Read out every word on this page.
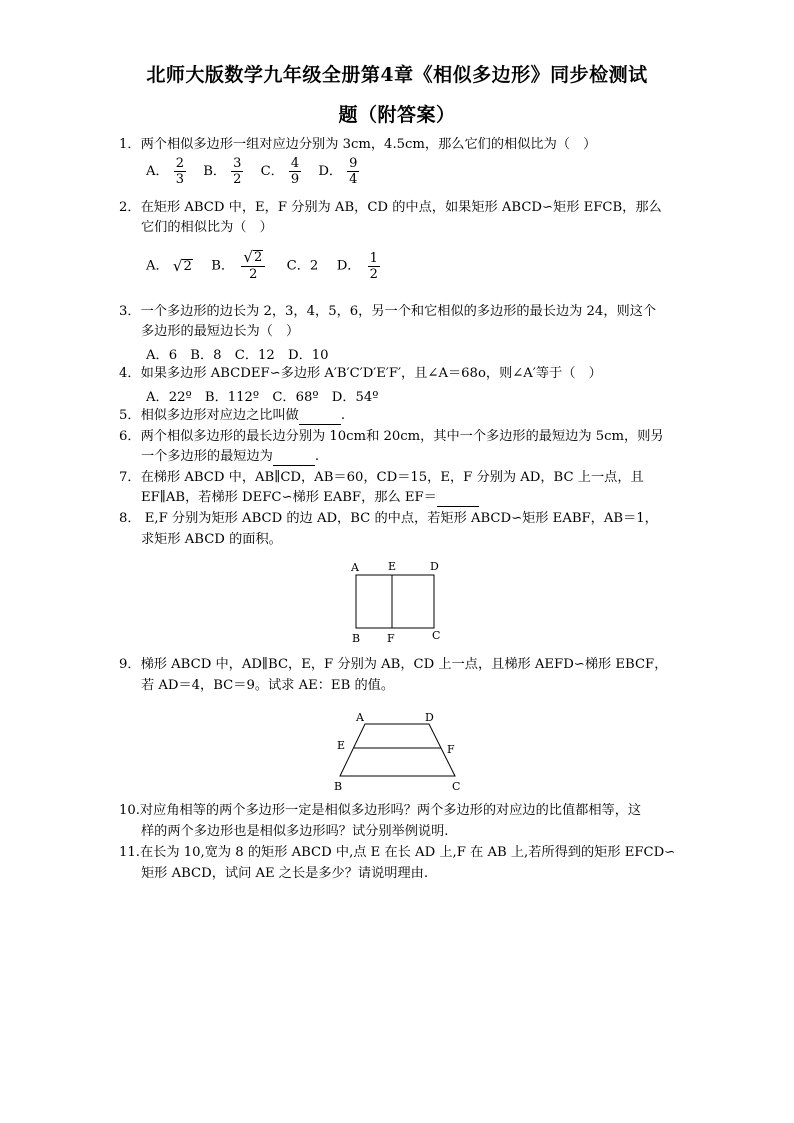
北师大版数学九年级全册第4章《相似多边形》同步检测试
题（附答案）
1．两个相似多边形一组对应边分别为 3cm，4.5cm，那么它们的相似比为（　）
A． $\frac{2}{3}$ B． $\frac{3}{2}$ C． $\frac{4}{9}$ D． $\frac{9}{4}$
2．在矩形 ABCD 中，E，F 分别为 AB，CD 的中点，如果矩形 ABCD∽矩形 EFCB，那么
它们的相似比为（　）
A． √ 2 B． $\frac{√ 2}{2}$ C．2 D． $\frac{1}{2}$
3．一个多边形的边长为 2，3，4，5，6，另一个和它相似的多边形的最长边为 24，则这个
多边形的最短边长为（　）
A．6　B．8　C．12　D．10
4．如果多边形 ABCDEF∽多边形 A′B′C′D′E′F′，且∠A＝68o，则∠A′等于（　）
A．22º　B．112º　C．68º　D．54º
5．相似多边形对应边之比叫做	.
6．两个相似多边形的最长边分别为 10cm和 20cm，其中一个多边形的最短边为 5cm，则另
一个多边形的最短边为	.
7．在梯形 ABCD 中，AB∥CD，AB＝60，CD＝15，E，F 分别为 AD，BC 上一点，且
EF∥AB，若梯形 DEFC∽梯形 EABF，那么 EF＝
8． E,F 分别为矩形 ABCD 的边 AD，BC 的中点，若矩形 ABCD∽矩形 EABF，AB＝1，
求矩形 ABCD 的面积。
A	E	D
B F	C
9．梯形 ABCD 中，AD∥BC，E，F 分别为 AB，CD 上一点，且梯形 AEFD∽梯形 EBCF，
若 AD＝4，BC＝9。试求 AE：EB 的值。
A	D
E	F
B	C
10.对应角相等的两个多边形一定是相似多边形吗？两个多边形的对应边的比值都相等，这
样的两个多边形也是相似多边形吗？试分别举例说明.
11.在长为 10,宽为 8 的矩形 ABCD 中,点 E 在长 AD 上,F 在 AB 上,若所得到的矩形 EFCD∽
矩形 ABCD，试问 AE 之长是多少？请说明理由.
